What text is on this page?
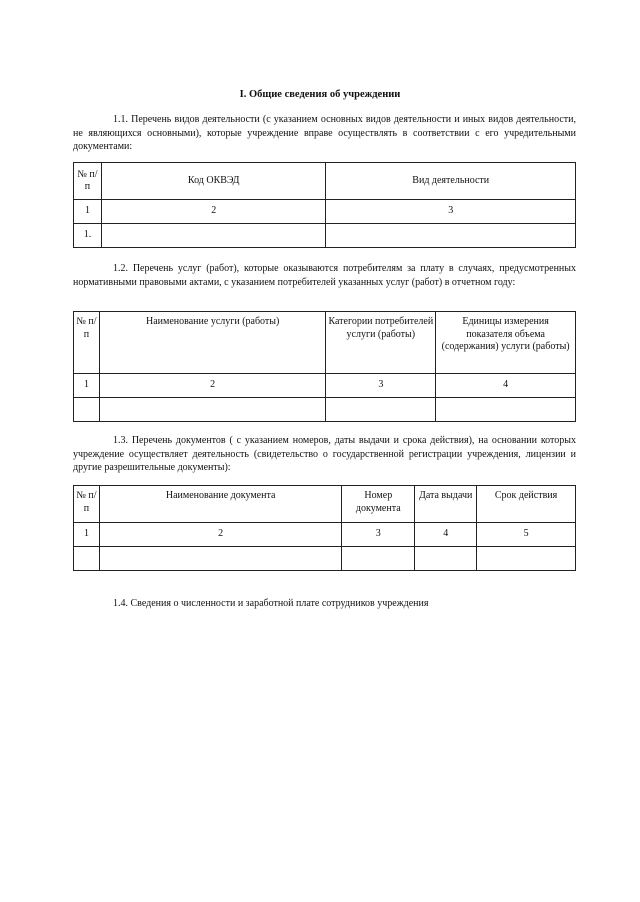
I. Общие сведения об учреждении

1.1. Перечень видов деятельности (с указанием основных видов деятельности и иных видов деятельности, не являющихся основными), которые учреждение вправе осуществлять в соответствии с его учредительными документами:

№ п/п	Код ОКВЭД	Вид деятельности
1	2	3
1.		

1.2. Перечень услуг (работ), которые оказываются потребителям за плату в случаях, предусмотренных нормативными правовыми актами, с указанием потребителей указанных услуг (работ) в отчетном году:

№ п/п	Наименование услуги (работы)	Категории потребителей услуги (работы)	Единицы измерения показателя объема (содержания) услуги (работы)
1	2	3	4

1.3. Перечень документов ( с указанием номеров, даты выдачи и срока действия), на основании которых учреждение осуществляет деятельность (свидетельство о государственной регистрации учреждения, лицензии и другие разрешительные документы):

№ п/п	Наименование документа	Номер документа	Дата выдачи	Срок действия
1	2	3	4	5

1.4. Сведения о численности и заработной плате сотрудников учреждения
